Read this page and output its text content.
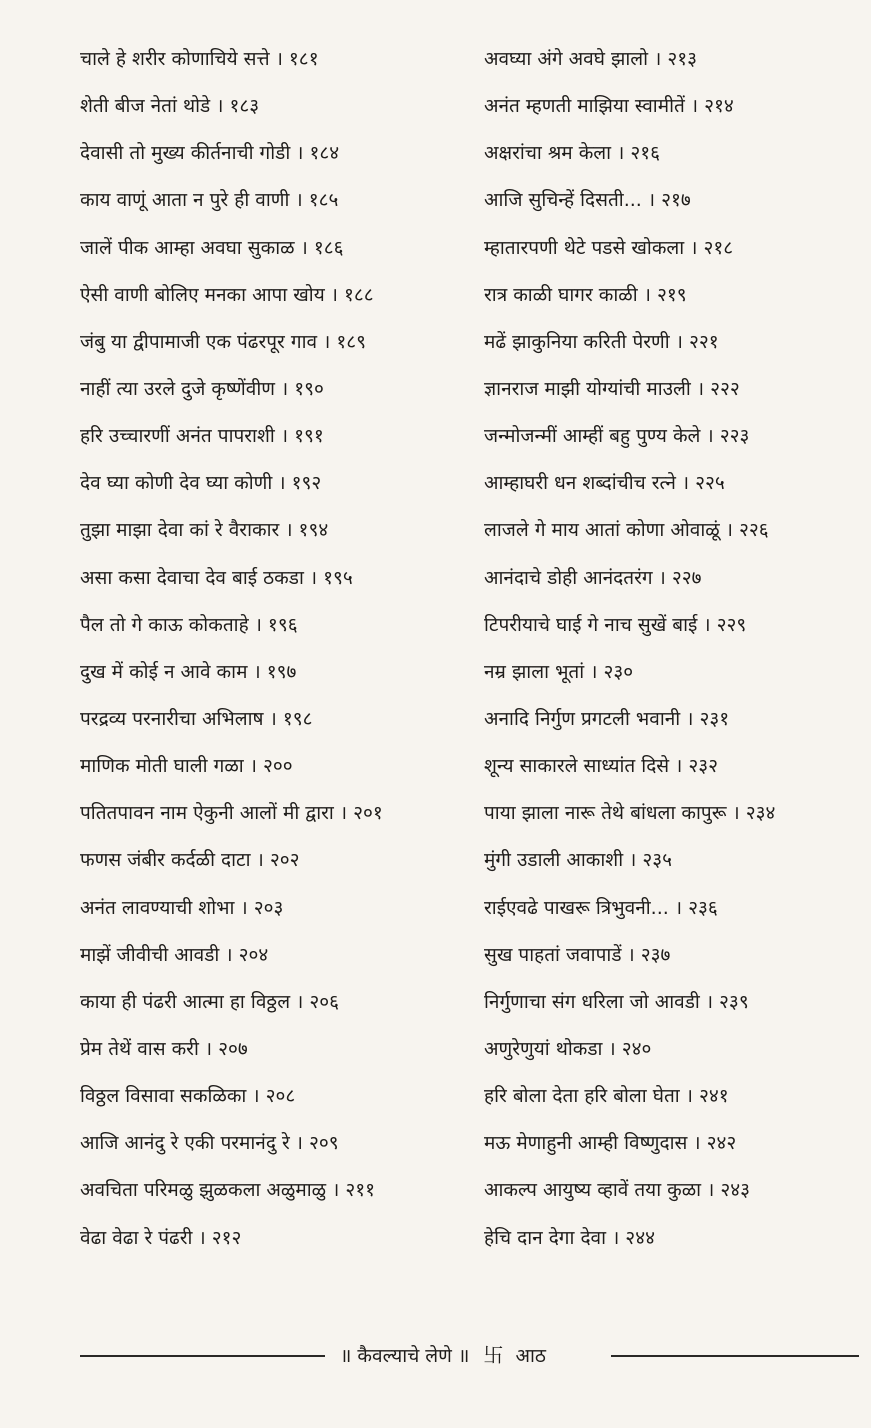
चाले हे शरीर कोणाचिये सत्ते । १८१
शेती बीज नेतां थोडे । १८३
देवासी तो मुख्य कीर्तनाची गोडी । १८४
काय वाणूं आता न पुरे ही वाणी । १८५
जालें पीक आम्हा अवघा सुकाळ । १८६
ऐसी वाणी बोलिए मनका आपा खोय । १८८
जंबु या द्वीपामाजी एक पंढरपूर गाव । १८९
नाहीं त्या उरले दुजे कृष्णेंवीण । १९०
हरि उच्चारणीं अनंत पापराशी । १९१
देव घ्या कोणी देव घ्या कोणी । १९२
तुझा माझा देवा कां रे वैराकार । १९४
असा कसा देवाचा देव बाई ठकडा । १९५
पैल तो गे काऊ कोकताहे । १९६
दुख में कोई न आवे काम । १९७
परद्रव्य परनारीचा अभिलाष । १९८
माणिक मोती घाली गळा । २००
पतितपावन नाम ऐकुनी आलों मी द्वारा । २०१
फणस जंबीर कर्दळी दाटा । २०२
अनंत लावण्याची शोभा । २०३
माझें जीवीची आवडी । २०४
काया ही पंढरी आत्मा हा विठ्ठल । २०६
प्रेम तेथें वास करी । २०७
विठ्ठल विसावा सकळिका । २०८
आजि आनंदु रे एकी परमानंदु रे । २०९
अवचिता परिमळु झुळकला अळुमाळु । २११
वेढा वेढा रे पंढरी । २१२
अवघ्या अंगे अवघे झालो । २१३
अनंत म्हणती माझिया स्वामीतें । २१४
अक्षरांचा श्रम केला । २१६
आजि सुचिन्हें दिसती... । २१७
म्हातारपणी थेटे पडसे खोकला । २१८
रात्र काळी घागर काळी । २१९
मढें झाकुनिया करिती पेरणी । २२१
ज्ञानराज माझी योग्यांची माउली । २२२
जन्मोजन्मीं आम्हीं बहु पुण्य केले । २२३
आम्हाघरी धन शब्दांचीच रत्ने । २२५
लाजले गे माय आतां कोणा ओवाळूं । २२६
आनंदाचे डोही आनंदतरंग । २२७
टिपरीयाचे घाई गे नाच सुखें बाई । २२९
नम्र झाला भूतां । २३०
अनादि निर्गुण प्रगटली भवानी । २३१
शून्य साकारले साध्यांत दिसे । २३२
पाया झाला नारू तेथे बांधला कापुरू । २३४
मुंगी उडाली आकाशी । २३५
राईएवढे पाखरू त्रिभुवनी... । २३६
सुख पाहतां जवापाडें । २३७
निर्गुणाचा संग धरिला जो आवडी । २३९
अणुरेणुयां थोकडा । २४०
हरि बोला देता हरि बोला घेता । २४१
मऊ मेणाहुनी आम्ही विष्णुदास । २४२
आकल्प आयुष्य व्हावें तया कुळा । २४३
हेचि दान देगा देवा । २४४
॥ कैवल्याचे लेणे ॥ 卐 आठ
